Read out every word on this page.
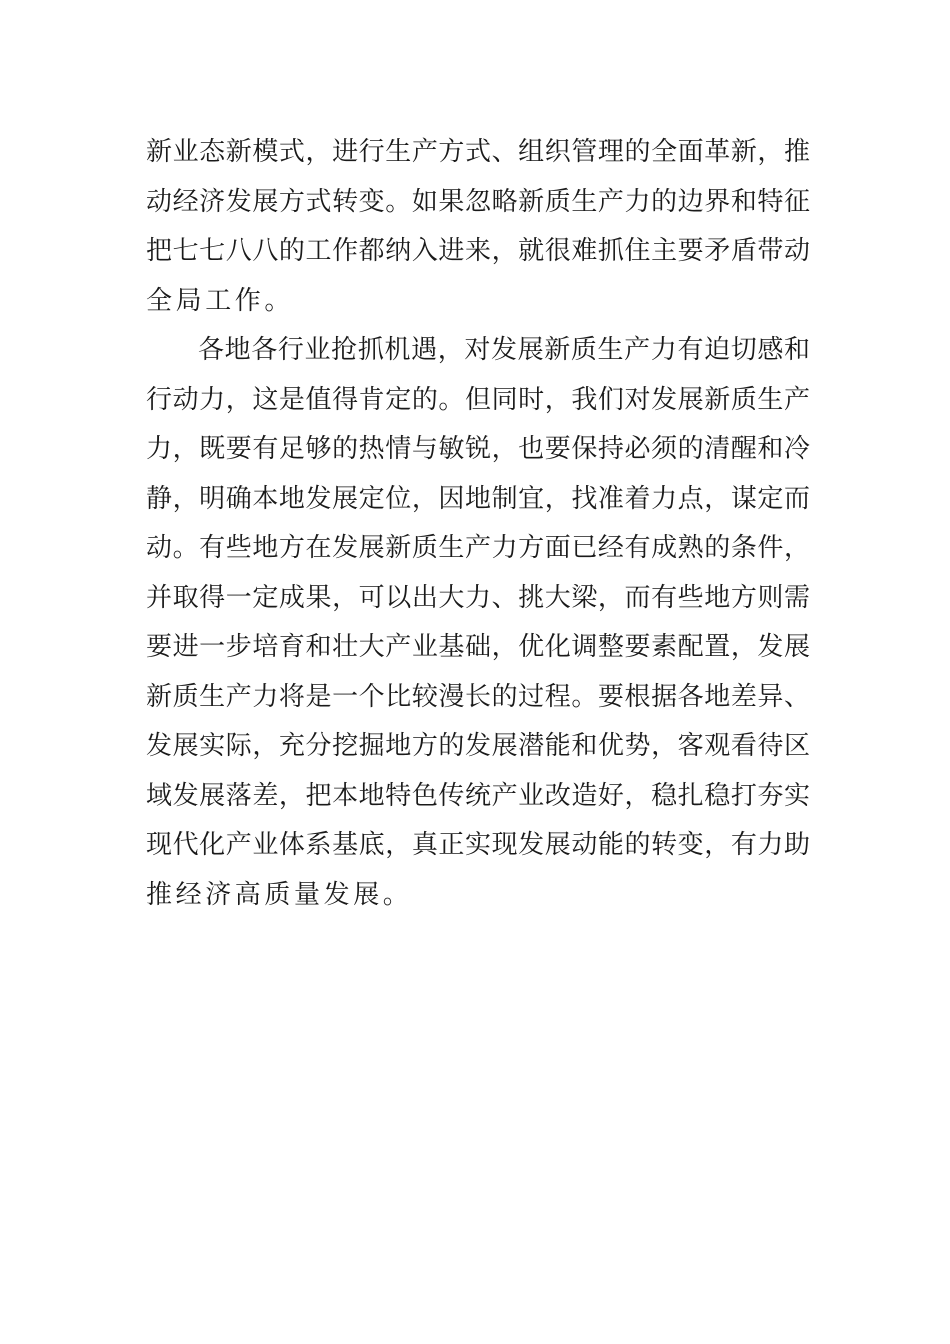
新业态新模式，进行生产方式、组织管理的全面革新，推
动经济发展方式转变。如果忽略新质生产力的边界和特征
把七七八八的工作都纳入进来，就很难抓住主要矛盾带动
全局工作。
各地各行业抢抓机遇，对发展新质生产力有迫切感和
行动力，这是值得肯定的。但同时，我们对发展新质生产
力，既要有足够的热情与敏锐，也要保持必须的清醒和冷
静，明确本地发展定位，因地制宜，找准着力点，谋定而
动。有些地方在发展新质生产力方面已经有成熟的条件，
并取得一定成果，可以出大力、挑大梁，而有些地方则需
要进一步培育和壮大产业基础，优化调整要素配置，发展
新质生产力将是一个比较漫长的过程。要根据各地差异、
发展实际，充分挖掘地方的发展潜能和优势，客观看待区
域发展落差，把本地特色传统产业改造好，稳扎稳打夯实
现代化产业体系基底，真正实现发展动能的转变，有力助
推经济高质量发展。
